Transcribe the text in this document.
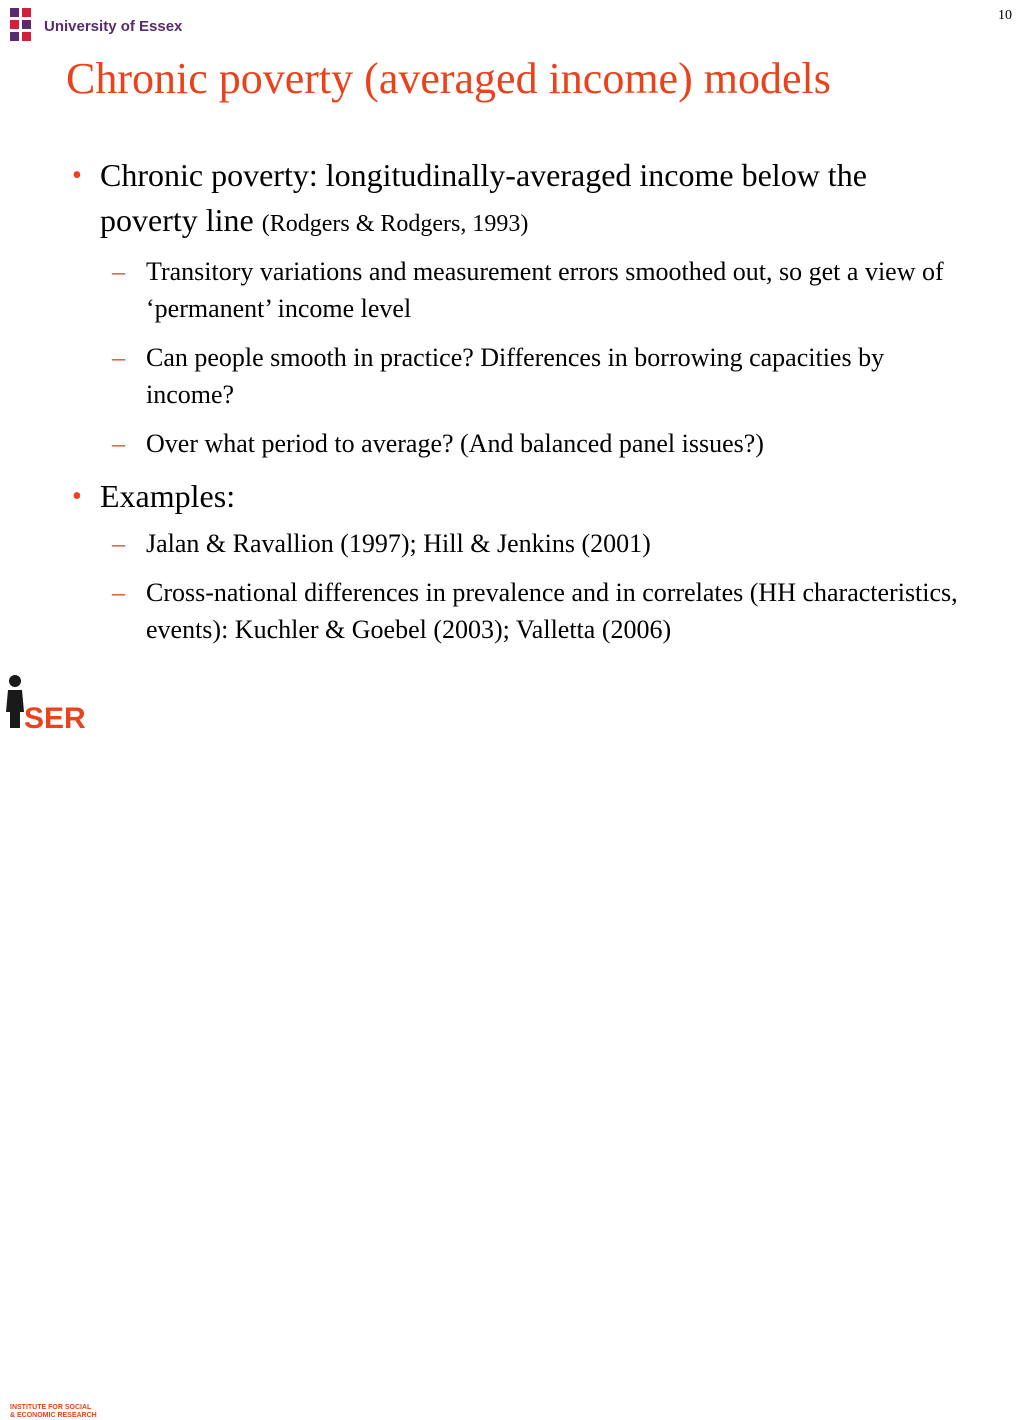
University of Essex
10
Chronic poverty (averaged income) models
• Chronic poverty: longitudinally-averaged income below the poverty line (Rodgers & Rodgers, 1993)
– Transitory variations and measurement errors smoothed out, so get a view of ‘permanent’ income level
– Can people smooth in practice? Differences in borrowing capacities by income?
– Over what period to average? (And balanced panel issues?)
• Examples:
– Jalan & Ravallion (1997); Hill & Jenkins (2001)
– Cross-national differences in prevalence and in correlates (HH characteristics, events): Kuchler & Goebel (2003); Valletta (2006)
SER
INSTITUTE FOR SOCIAL
& ECONOMIC RESEARCH
